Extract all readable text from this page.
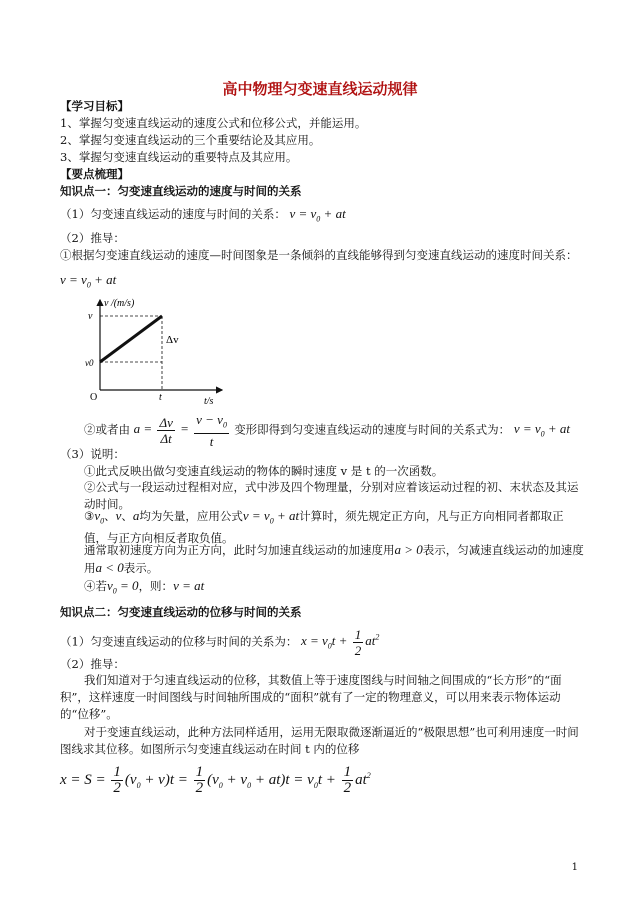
高中物理匀变速直线运动规律
【学习目标】
1、掌握匀变速直线运动的速度公式和位移公式，并能运用。
2、掌握匀变速直线运动的三个重要结论及其应用。
3、掌握匀变速直线运动的重要特点及其应用。
【要点梳理】
知识点一：匀变速直线运动的速度与时间的关系
（1）匀变速直线运动的速度与时间的关系： $v = v_0$ + at
（2）推导：
①根据匀变速直线运动的速度—时间图象是一条倾斜的直线能够得到匀变速直线运动的速度时间关系：
$v = v_0$ + at
v /(m/s)
t/s
v
v0
O	t
Δv
②或者由 $a = \frac{\Delta v}{\Delta t} = \frac{v - v_0}{t}$ 变形即得到匀变速直线运动的速度与时间的关系式为： $v = v_0$ + at
（3）说明：
①此式反映出做匀变速直线运动的物体的瞬时速度 v 是 t 的一次函数。
②公式与一段运动过程相对应，式中涉及四个物理量，分别对应着该运动过程的初、末状态及其运动时间。
$③v_0$、v、a均为矢量，应用公式$v = v_0$ + at计算时，须先规定正方向，凡与正方向相同者都取正值，与正方向相反者取负值。
通常取初速度方向为正方向，此时匀加速直线运动的加速度用a > 0表示，匀减速直线运动的加速度用a < 0表示。
④若$v_0 = 0$，则：v = at
知识点二：匀变速直线运动的位移与时间的关系
（1）匀变速直线运动的位移与时间的关系为： $x = v_0t + \frac{1}{2} at^2$
（2）推导：
我们知道对于匀速直线运动的位移，其数值上等于速度图线与时间轴之间围成的“长方形”的“面积”，这样速度一时间图线与时间轴所围成的“面积”就有了一定的物理意义，可以用来表示物体运动的“位移”。
对于变速直线运动，此种方法同样适用，运用无限取微逐渐逼近的“极限思想”也可利用速度一时间图线求其位移。如图所示匀变速直线运动在时间 t 内的位移
$x = S = \frac{1}{2} (v_0 + v)t = \frac{1}{2} (v_0 + v_0 + at)t = v_0t + \frac{1}{2} at^2$
1
